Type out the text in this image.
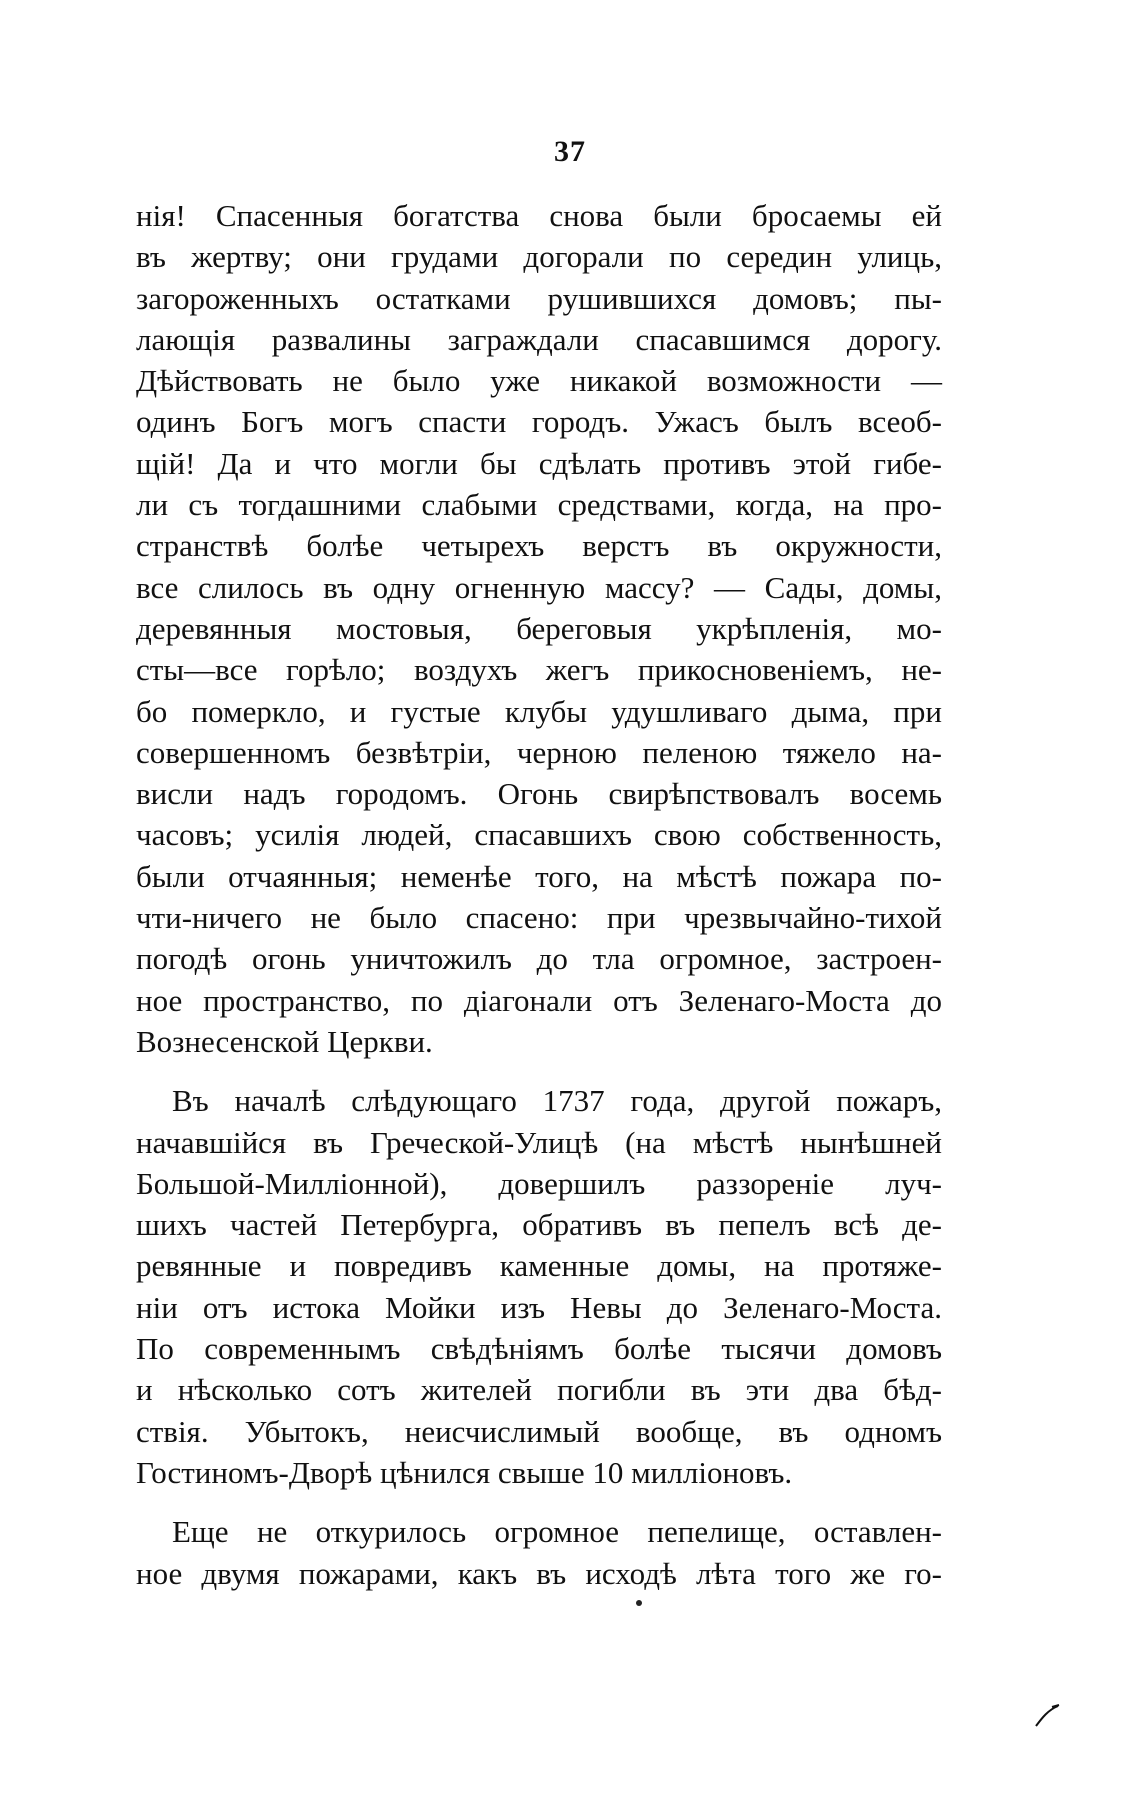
37
нія! Спасенныя богатства снова были бросаемы ей
въ жертву; они грудами догорали по середин улиць,
загороженныхъ остатками рушившихся домовъ; пы-
лающія развалины заграждали спасавшимся дорогу.
Дѣйствовать не было уже никакой возможности —
одинъ Богъ могъ спасти городъ. Ужасъ былъ всеоб-
щій! Да и что могли бы сдѣлать противъ этой гибе-
ли съ тогдашними слабыми средствами, когда, на про-
странствѣ болѣе четырехъ верстъ въ окружности,
все слилось въ одну огненную массу? — Сады, домы,
деревянныя мостовыя, береговыя укрѣпленія, мо-
сты—все горѣло; воздухъ жегъ прикосновеніемъ, не-
бо померкло, и густые клубы удушливаго дыма, при
совершенномъ безвѣтріи, черною пеленою тяжело на-
висли надъ городомъ. Огонь свирѣпствовалъ восемь
часовъ; усилія людей, спасавшихъ свою собственность,
были отчаянныя; неменѣе того, на мѣстѣ пожара по-
чти-ничего не было спасено: при чрезвычайно-тихой
погодѣ огонь уничтожилъ до тла огромное, застроен-
ное пространство, по діагонали отъ Зеленаго-Моста до
Вознесенской Церкви.
Въ началѣ слѣдующаго 1737 года, другой пожаръ,
начавшійся въ Греческой-Улицѣ (на мѣстѣ нынѣшней
Большой-Милліонной), довершилъ раззореніе луч-
шихъ частей Петербурга, обративъ въ пепелъ всѣ де-
ревянные и повредивъ каменные домы, на протяже-
ніи отъ истока Мойки изъ Невы до Зеленаго-Моста.
По современнымъ свѣдѣніямъ болѣе тысячи домовъ
и нѣсколько сотъ жителей погибли въ эти два бѣд-
ствія. Убытокъ, неисчислимый вообще, въ одномъ
Гостиномъ-Дворѣ цѣнился свыше 10 милліоновъ.
Еще не откурилось огромное пепелище, оставлен-
ное двумя пожарами, какъ въ исходѣ лѣта того же го-
